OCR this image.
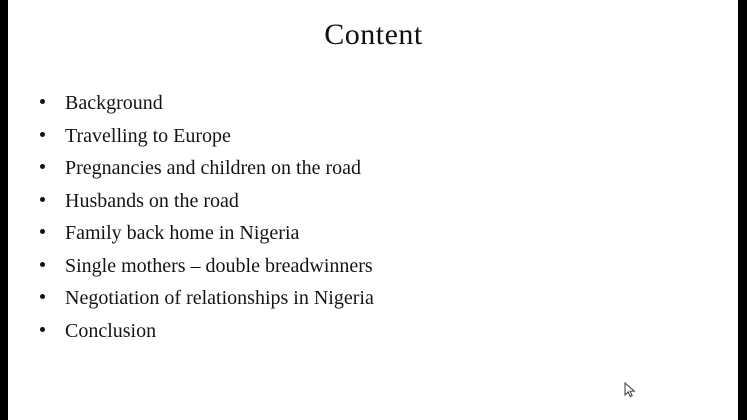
Content
Background
Travelling to Europe
Pregnancies and children on the road
Husbands on the road
Family back home in Nigeria
Single mothers – double breadwinners
Negotiation of relationships in Nigeria
Conclusion
